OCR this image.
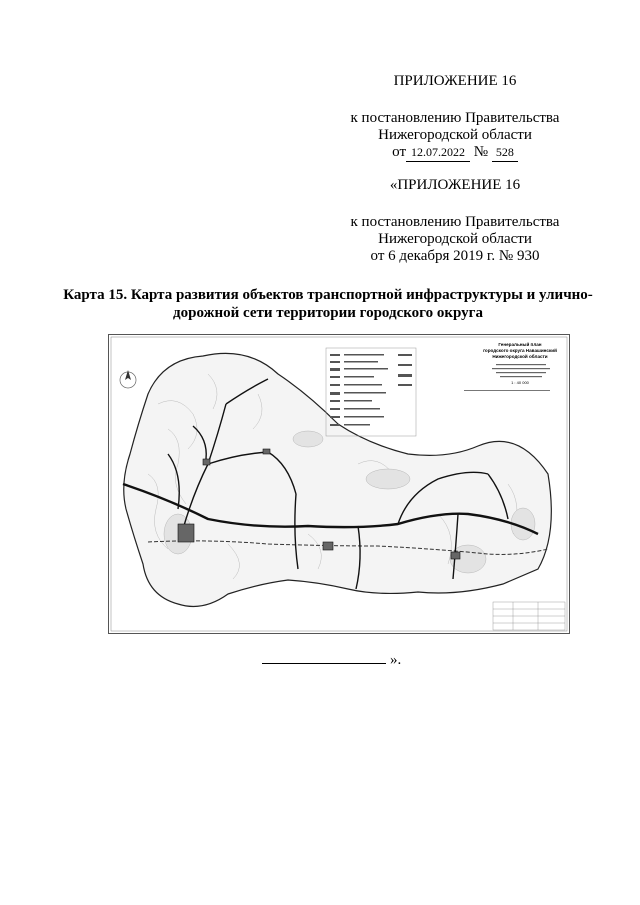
ПРИЛОЖЕНИЕ 16
к постановлению Правительства
Нижегородской области
от 12.07.2022 № 528
«ПРИЛОЖЕНИЕ 16
к постановлению Правительства
Нижегородской области
от 6 декабря 2019 г. № 930
Карта 15. Карта развития объектов транспортной инфраструктуры и улично-
дорожной сети территории городского округа
Генеральный план
городского округа Навашинский
Нижегородской области
1 : 40 000
».
